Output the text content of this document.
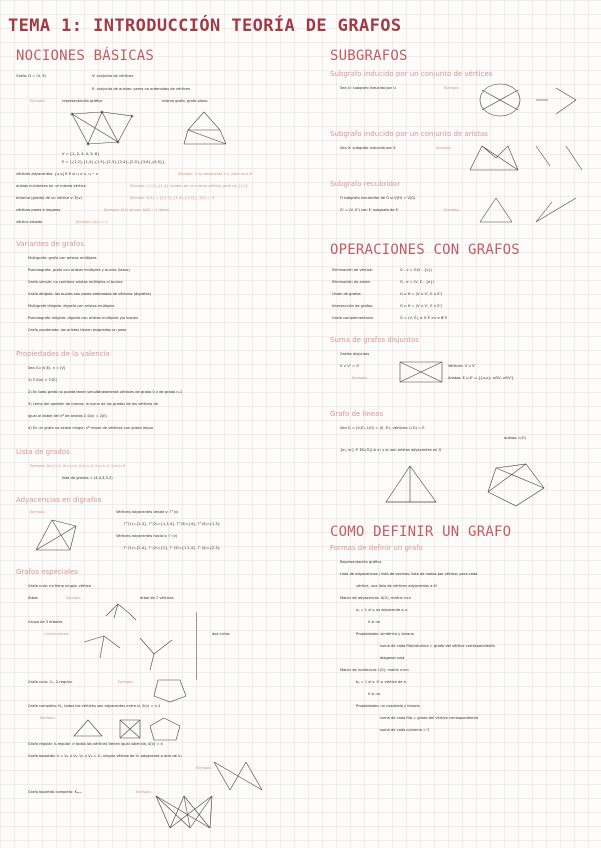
TEMA 1: INTRODUCCIÓN TEORÍA DE GRAFOS
NOCIONES BÁSICAS
Grafo: G = (V, E)	V: conjunto de vértices
E: conjunto de aristas: pares no ordenados de vértices
Ejemplo:	representación gráfica	mismo grafo, grafo plano
V = {1, 2, 3, 4, 5, 6}
E = {{1,2},{1,4},{1,5},{2,3},{2,4},{2,5},{3,6},{4,5}}
vértices adyacentes: {u,v}∈ E si u ≠ v, u ∼ v	Ejemplo: 1 es adyacente a 2, pero no a 6
aristas incidentes en un mismo vértice	Ejemplo: {1,2},{1,4} inciden en un mismo vértice, pero no {1,2}
entorno (grado) de un vértice v: E(v)	Ejemplo: E(1) = {{1,2},{1,4},{1,5}}, δ(1) = 3
vértices pares e impares	Ejemplo: E(2) es par, δ(6) = 1 impar
vértice aislado	Ejemplo: δ(v) = 0
Variantes de grafos
Multigrafo: grafo con aristas múltiples
Pseudografo: grafo con aristas múltiples y bucles (lazos)
Grafo simple: no contiene aristas múltiples ni bucles
Grafo dirigido: los bucles son pares ordenados de vértices (digrafos)
Multigrafo dirigido: digrafo con aristas múltiples
Pseudografo dirigido: digrafo con aristas múltiples y/o bucles
Grafo ponderado: las aristas tienen asignadas un peso
Propiedades de la valencia
Sea G=(V,E), n = |V|
1) Σ δ(v) = 2·|E|
2) En todo grafo no puede tener simultáneamente vértices de grado 0 y de grado n-1
3) Lema del apretón de manos: la suma de los grados de los vértices de
igual al doble del nº de aristas Σ δ(v) = 2|E|
4) En un grafo no existe ningún nº impar de vértices con grado impar
Lista de grados
Ejemplo: δ(v₁)=2, δ(v₂)=4, δ(v₃)=3, δ(v₄)=3, δ(v₅)=4
lista de grados = (4,4,3,3,2)
Adyacencias en digrafos
Ejemplo:	Vértices adyacentes desde v: Γ⁺(v)
Γ⁺(1)={2,3}, Γ⁺(2)={1,3,4}, Γ⁺(3)={4}, Γ⁺(4)={1,3}
Vértices adyacentes hacia v: Γ⁻(v)
Γ⁻(1)={2,4}, Γ⁻(2)={1}, Γ⁻(3)={1,2,4}, Γ⁻(4)={2,3}
Grafos especiales
Grafo nulo: no tiene ningún vértice
Árbol:	Ejemplo:	árbol de 7 vértices
Grupo de 3 árboles
Combinatoria:	dos ciclos
Grafo ciclo: Cₙ, 2-regular	Ejemplo:
Grafo completo: Kₙ, todos los vértices son adyacentes entre sí, δ(v) = n-1
Ejemplo:
Grafo regular: k-regular ⇒ todos los vértices tienen igual valencia, δ(v) = k
Grafo bipartito: V = V₁ ∪ V₂, V₁ ∩ V₂ = ∅, ningún vértice de V₁ adyacente a otro de V₁
Ejemplo:
Grafo bipartito completo: Kₘ,ₙ	Ejemplo:
SUBGRAFOS
Subgrafo inducido por un conjunto de vértices
Sea U: subgrafo inducido por U	Ejemplo:
Subgrafo inducido por un conjunto de aristas
Sea X: subgrafo inducido por X	Ejemplo:
Subgrafo recubridor
H subgrafo recubridor de G si V(H) = V(G)
G' = (V, E') con E' subgrafo de E	Ejemplo:
OPERACIONES CON GRAFOS
Eliminación de vértice:	G - v = G(V - {v})
Eliminación de arista:	G - e = (V, E - {e})
Unión de grafos:	G ∪ H = (V ∪ V', E ∪ E')
Intersección de grafos:	G ∩ H = (V ∩ V', E ∩ E')
Grafo complementario:	Ḡ = (V, Ē), e ∈ Ē ⟺ e ∉ E
Suma de grafos disjuntos
Grafos disjuntos
V ∩ V' = ∅
Ejemplo:
Vértices: V ∪ V'
Aristas: E ∪ E' ∪ {{u,v}: u∈V, v∈V'}
Grafo de líneas
Sea G = (V,E), L(G) = (E, E'), vértices: L(G) = E
aristas: L(G)
{e₁, e₂} ∈ E(L(G)) si e₁ y e₂ son aristas adyacentes en G
COMO DEFINIR UN GRAFO
Formas de definir un grafo
Representación gráfica
Lista de adyacencias / lista de vecinos: lista de nodos por vértice, para cada
vértice, una lista de vértices adyacentes a él
Matriz de adyacencia: A(G), matriz n×n
aᵢⱼ = 1 si vᵢ es adyacente a vⱼ
0 si no
Propiedades: simétrica y binaria
suma de cada fila/columna = grado del vértice correspondiente
diagonal nula
Matriz de incidencia: I(G), matriz n×m
bᵢⱼ = 1 si vᵢ ∈ eⱼ vértice de eⱼ
0 si no
Propiedades: no cuadrada y binaria
suma de cada fila = grado del vértice correspondiente
suma de cada columna = 2
